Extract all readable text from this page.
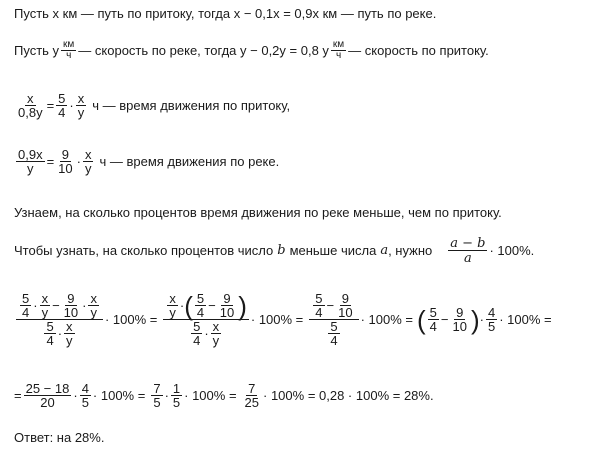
Пусть x км — путь по притоку, тогда x − 0,1x = 0,9x км — путь по реке.
Пусть y $\frac{км}{ч}$ — скорость по реке, тогда y − 0,2y = 0,8 y $\frac{км}{ч}$ — скорость по притоку.
$\frac{x}{0,8y} = \frac{5}{4} \cdot \frac{x}{y}$ ч — время движения по притоку,
$\frac{0,9x}{y} = \frac{9}{10} \cdot \frac{x}{y}$ ч — время движения по реке.
Узнаем, на сколько процентов время движения по реке меньше, чем по притоку.
Чтобы узнать, на сколько процентов число b меньше числа a , нужно $\frac{a - b}{a} \cdot 100\%$.
$\frac{\frac{5}{4} \cdot \frac{x}{y} - \frac{9}{10} \cdot \frac{x}{y}}{\frac{5}{4} \cdot \frac{x}{y}} \cdot 100\% = \frac{\frac{x}{y} \cdot ( \frac{5}{4} - \frac{9}{10} )}{\frac{5}{4} \cdot \frac{x}{y}} \cdot 100\% = \frac{\frac{5}{4} - \frac{9}{10}}{\frac{5}{4}} \cdot 100\%$ = ( $\frac{5}{4} - \frac{9}{10}$ ) · $\frac{4}{5} \cdot 100\%$ =
= $\frac{25 - 18}{20} \cdot \frac{4}{5} \cdot 100\% = \frac{7}{5} \cdot \frac{1}{5} \cdot 100\% = \frac{7}{25} \cdot 100\% = 0,28 \cdot 100\% = 28\%$.
Ответ: на 28%.
